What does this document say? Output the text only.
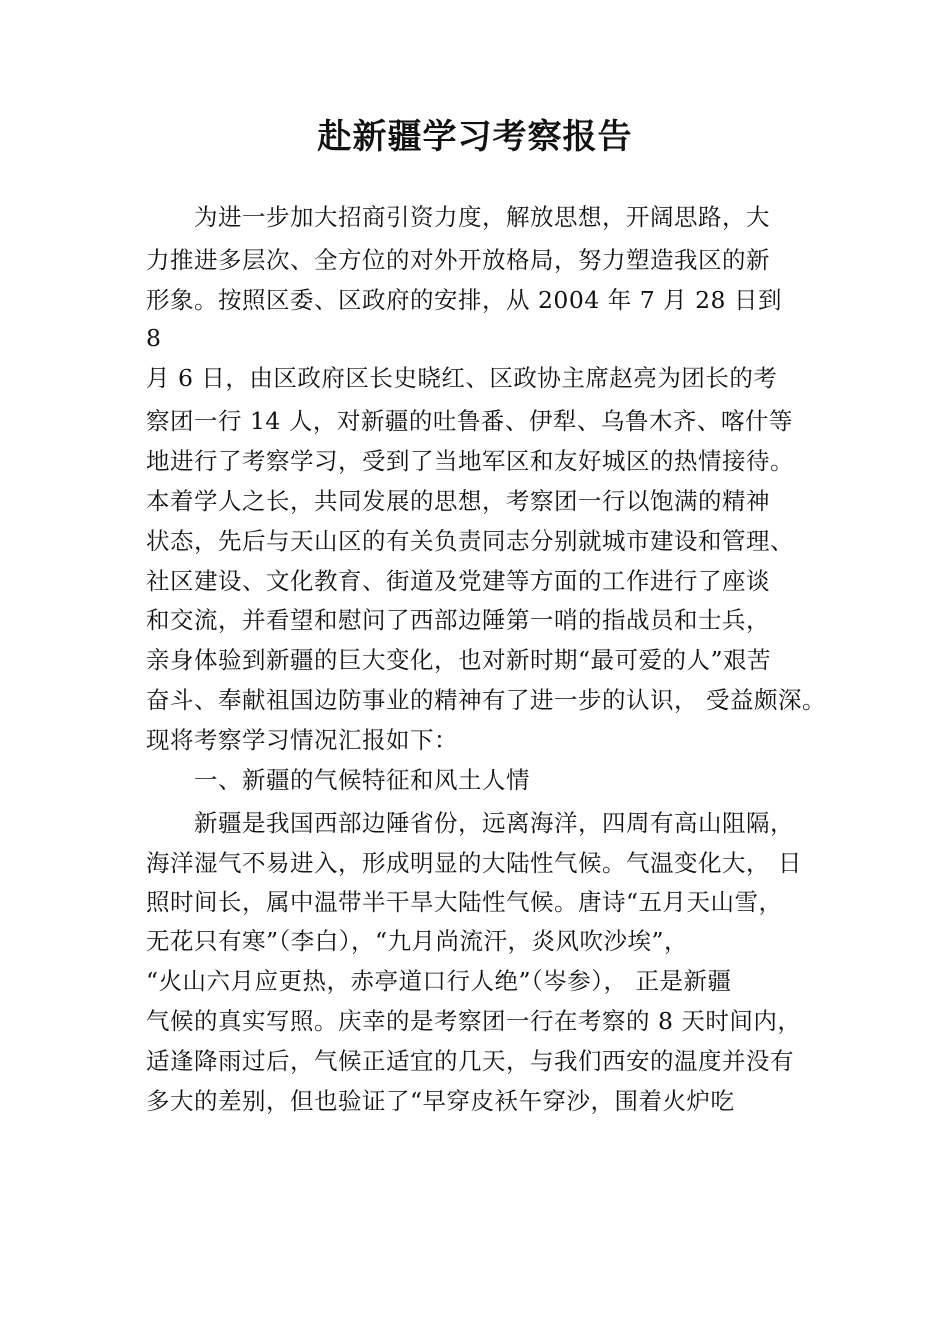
赴新疆学习考察报告
　　为进一步加大招商引资力度，解放思想，开阔思路，大
力推进多层次、全方位的对外开放格局，努力塑造我区的新
形象。按照区委、区政府的安排，从 2004 年 7 月 28 日到
8
月 6 日，由区政府区长史晓红、区政协主席赵亮为团长的考
察团一行 14 人，对新疆的吐鲁番、伊犁、乌鲁木齐、喀什等
地进行了考察学习，受到了当地军区和友好城区的热情接待。
本着学人之长，共同发展的思想，考察团一行以饱满的精神
状态，先后与天山区的有关负责同志分别就城市建设和管理、
社区建设、文化教育、街道及党建等方面的工作进行了座谈
和交流，并看望和慰问了西部边陲第一哨的指战员和士兵，
亲身体验到新疆的巨大变化，也对新时期“最可爱的人”艰苦
奋斗、奉献祖国边防事业的精神有了进一步的认识， 受益颇深。
现将考察学习情况汇报如下：
　　一、新疆的气候特征和风土人情
　　新疆是我国西部边陲省份，远离海洋，四周有高山阻隔，
海洋湿气不易进入，形成明显的大陆性气候。气温变化大， 日
照时间长，属中温带半干旱大陆性气候。唐诗“五月天山雪，
无花只有寒”（李白），“九月尚流汗，炎风吹沙埃”，
“火山六月应更热，赤亭道口行人绝”（岑参）， 正是新疆
气候的真实写照。庆幸的是考察团一行在考察的 8 天时间内，
适逢降雨过后，气候正适宜的几天，与我们西安的温度并没有
多大的差别，但也验证了“早穿皮袄午穿沙，围着火炉吃
